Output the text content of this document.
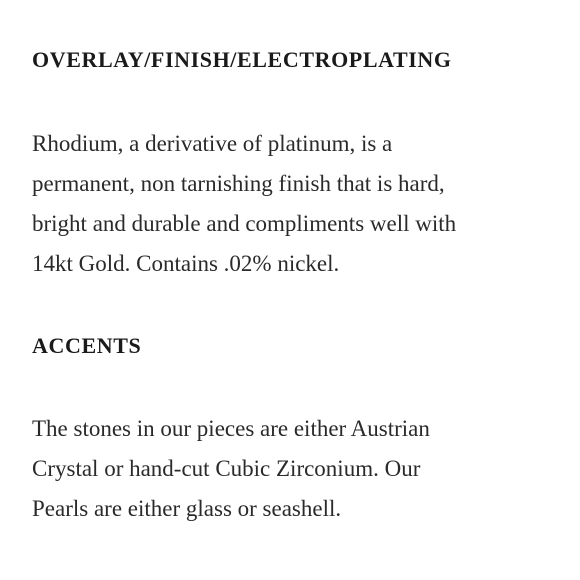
OVERLAY/FINISH/ELECTROPLATING

Rhodium, a derivative of platinum, is a
permanent, non tarnishing finish that is hard,
bright and durable and compliments well with
14kt Gold. Contains .02% nickel.

ACCENTS

The stones in our pieces are either Austrian
Crystal or hand-cut Cubic Zirconium. Our
Pearls are either glass or seashell.
